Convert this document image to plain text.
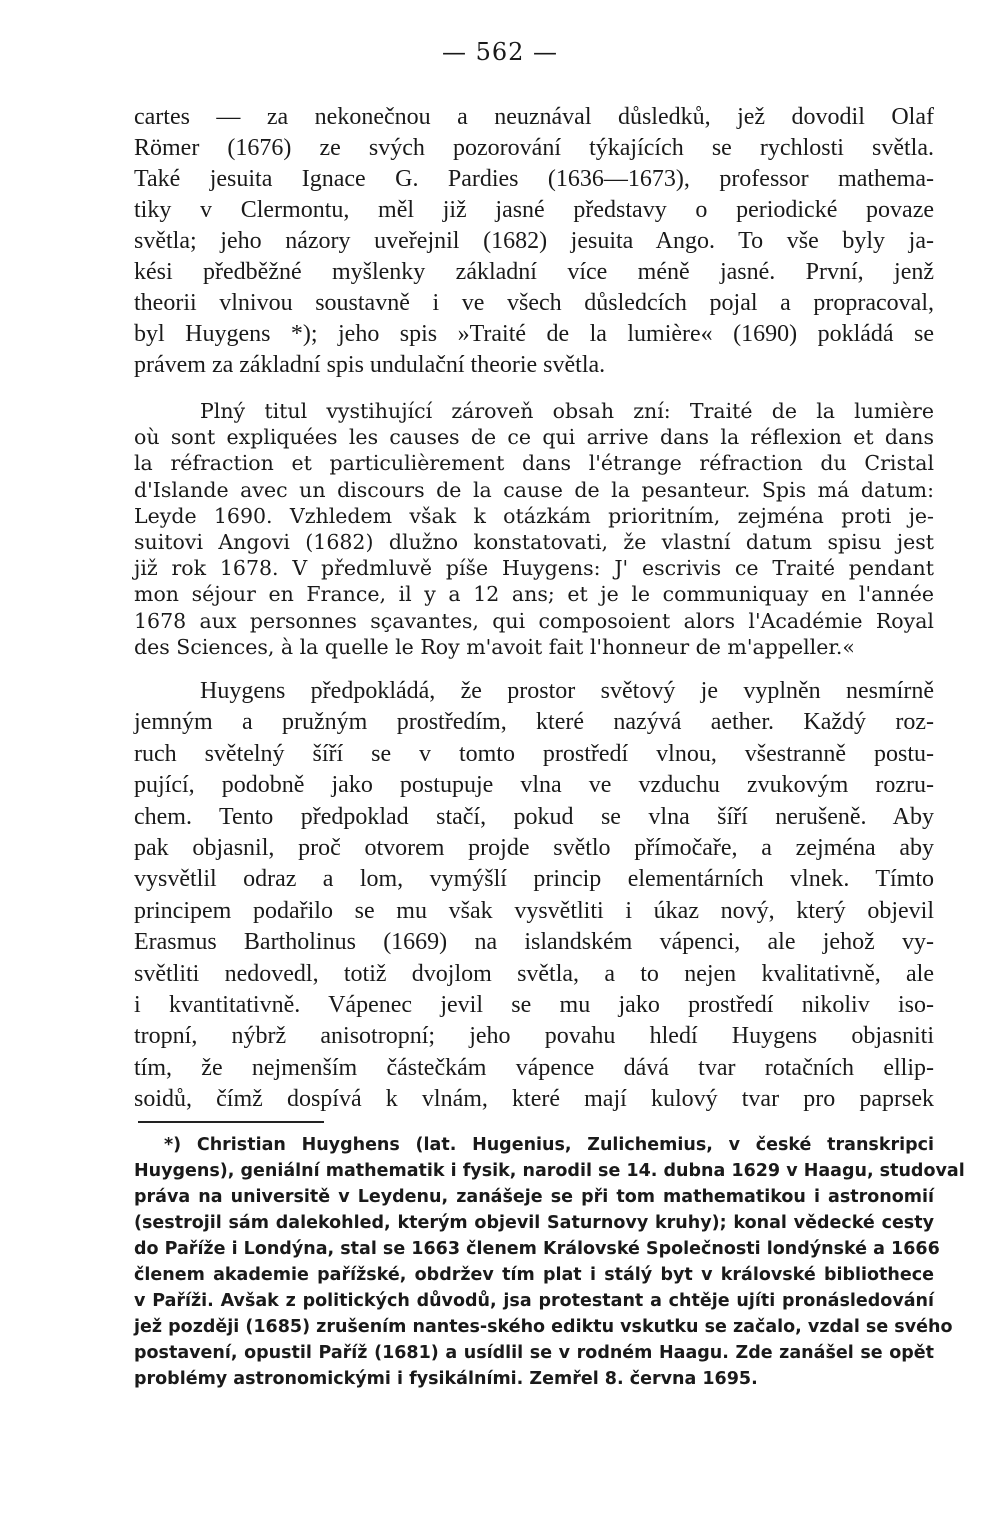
— 562 —
cartes — za nekonečnou a neuznával důsledků, jež dovodil Olaf
Römer (1676) ze svých pozorování týkajících se rychlosti světla.
Také jesuita Ignace G. Pardies (1636—1673), professor mathema-
tiky v Clermontu, měl již jasné představy o periodické povaze
světla; jeho názory uveřejnil (1682) jesuita Ango. To vše byly ja-
kési předběžné myšlenky základní více méně jasné. První, jenž
theorii vlnivou soustavně i ve všech důsledcích pojal a propracoval,
byl Huygens *); jeho spis »Traité de la lumière« (1690) pokládá se
právem za základní spis undulační theorie světla.
Plný titul vystihující zároveň obsah zní: Traité de la lumière
où sont expliquées les causes de ce qui arrive dans la réflexion et dans
la réfraction et particulièrement dans l'étrange réfraction du Cristal
d'Islande avec un discours de la cause de la pesanteur. Spis má datum:
Leyde 1690. Vzhledem však k otázkám prioritním, zejména proti je-
suitovi Angovi (1682) dlužno konstatovati, že vlastní datum spisu jest
již rok 1678. V předmluvě píše Huygens: J' escrivis ce Traité pendant
mon séjour en France, il y a 12 ans; et je le communiquay en l'année
1678 aux personnes sçavantes, qui composoient alors l'Académie Royal
des Sciences, à la quelle le Roy m'avoit fait l'honneur de m'appeller.«
Huygens předpokládá, že prostor světový je vyplněn nesmírně
jemným a pružným prostředím, které nazývá aether. Každý roz-
ruch světelný šíří se v tomto prostředí vlnou, všestranně postu-
pující, podobně jako postupuje vlna ve vzduchu zvukovým rozru-
chem. Tento předpoklad stačí, pokud se vlna šíří nerušeně. Aby
pak objasnil, proč otvorem projde světlo přímočaře, a zejména aby
vysvětlil odraz a lom, vymýšlí princip elementárních vlnek. Tímto
principem podařilo se mu však vysvětliti i úkaz nový, který objevil
Erasmus Bartholinus (1669) na islandském vápenci, ale jehož vy-
světliti nedovedl, totiž dvojlom světla, a to nejen kvalitativně, ale
i kvantitativně. Vápenec jevil se mu jako prostředí nikoliv iso-
tropní, nýbrž anisotropní; jeho povahu hledí Huygens objasniti
tím, že nejmenším částečkám vápence dává tvar rotačních ellip-
soidů, čímž dospívá k vlnám, které mají kulový tvar pro paprsek
*) Christian Huyghens (lat. Hugenius, Zulichemius, v české transkripci
Huygens), geniální mathematik i fysik, narodil se 14. dubna 1629 v Haagu, studoval
práva na universitě v Leydenu, zanášeje se při tom mathematikou i astronomií
(sestrojil sám dalekohled, kterým objevil Saturnovy kruhy); konal vědecké cesty
do Paříže i Londýna, stal se 1663 členem Královské Společnosti londýnské a 1666
členem akademie pařížské, obdržev tím plat i stálý byt v královské bibliothece
v Paříži. Avšak z politických důvodů, jsa protestant a chtěje ujíti pronásledování
jež později (1685) zrušením nantes-ského ediktu vskutku se začalo, vzdal se svého
postavení, opustil Paříž (1681) a usídlil se v rodném Haagu. Zde zanášel se opět
problémy astronomickými i fysikálními. Zemřel 8. června 1695.
